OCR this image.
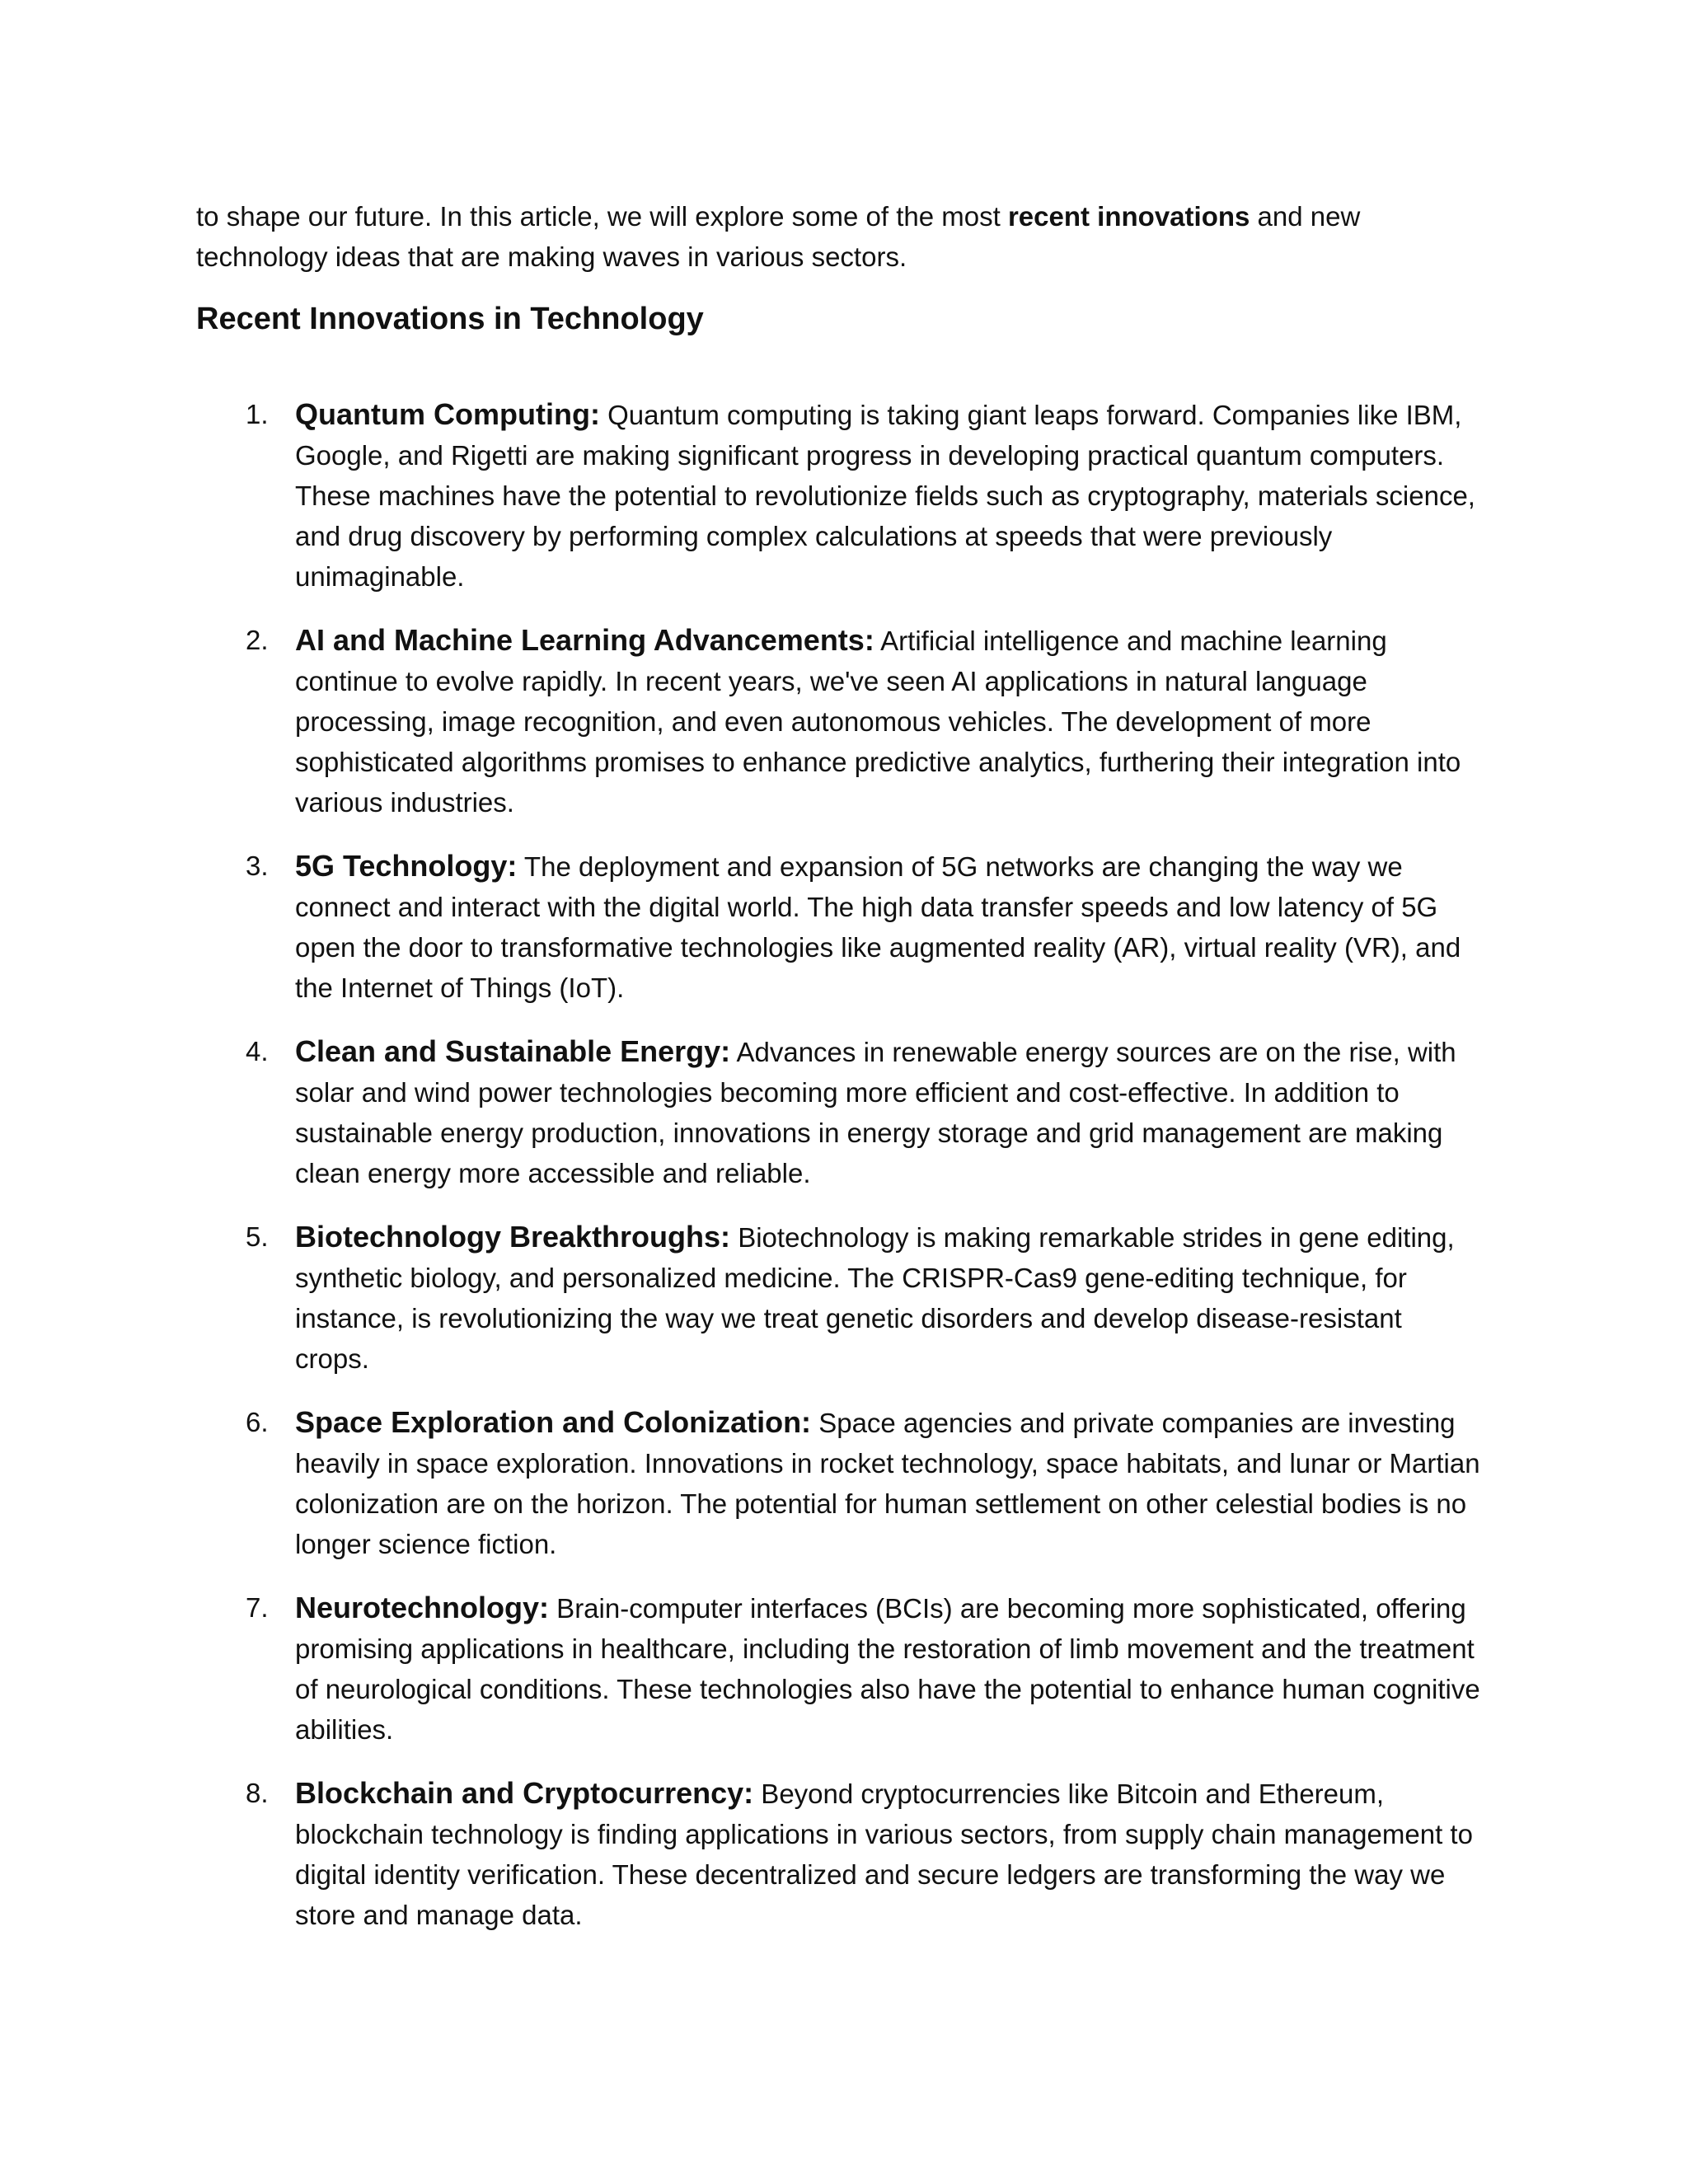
to shape our future. In this article, we will explore some of the most recent innovations and new technology ideas that are making waves in various sectors.

Recent Innovations in Technology
1. Quantum Computing: Quantum computing is taking giant leaps forward. Companies like IBM, Google, and Rigetti are making significant progress in developing practical quantum computers. These machines have the potential to revolutionize fields such as cryptography, materials science, and drug discovery by performing complex calculations at speeds that were previously unimaginable.
2. AI and Machine Learning Advancements: Artificial intelligence and machine learning continue to evolve rapidly. In recent years, we've seen AI applications in natural language processing, image recognition, and even autonomous vehicles. The development of more sophisticated algorithms promises to enhance predictive analytics, furthering their integration into various industries.
3. 5G Technology: The deployment and expansion of 5G networks are changing the way we connect and interact with the digital world. The high data transfer speeds and low latency of 5G open the door to transformative technologies like augmented reality (AR), virtual reality (VR), and the Internet of Things (IoT).
4. Clean and Sustainable Energy: Advances in renewable energy sources are on the rise, with solar and wind power technologies becoming more efficient and cost-effective. In addition to sustainable energy production, innovations in energy storage and grid management are making clean energy more accessible and reliable.
5. Biotechnology Breakthroughs: Biotechnology is making remarkable strides in gene editing, synthetic biology, and personalized medicine. The CRISPR-Cas9 gene-editing technique, for instance, is revolutionizing the way we treat genetic disorders and develop disease-resistant crops.
6. Space Exploration and Colonization: Space agencies and private companies are investing heavily in space exploration. Innovations in rocket technology, space habitats, and lunar or Martian colonization are on the horizon. The potential for human settlement on other celestial bodies is no longer science fiction.
7. Neurotechnology: Brain-computer interfaces (BCIs) are becoming more sophisticated, offering promising applications in healthcare, including the restoration of limb movement and the treatment of neurological conditions. These technologies also have the potential to enhance human cognitive abilities.
8. Blockchain and Cryptocurrency: Beyond cryptocurrencies like Bitcoin and Ethereum, blockchain technology is finding applications in various sectors, from supply chain management to digital identity verification. These decentralized and secure ledgers are transforming the way we store and manage data.
